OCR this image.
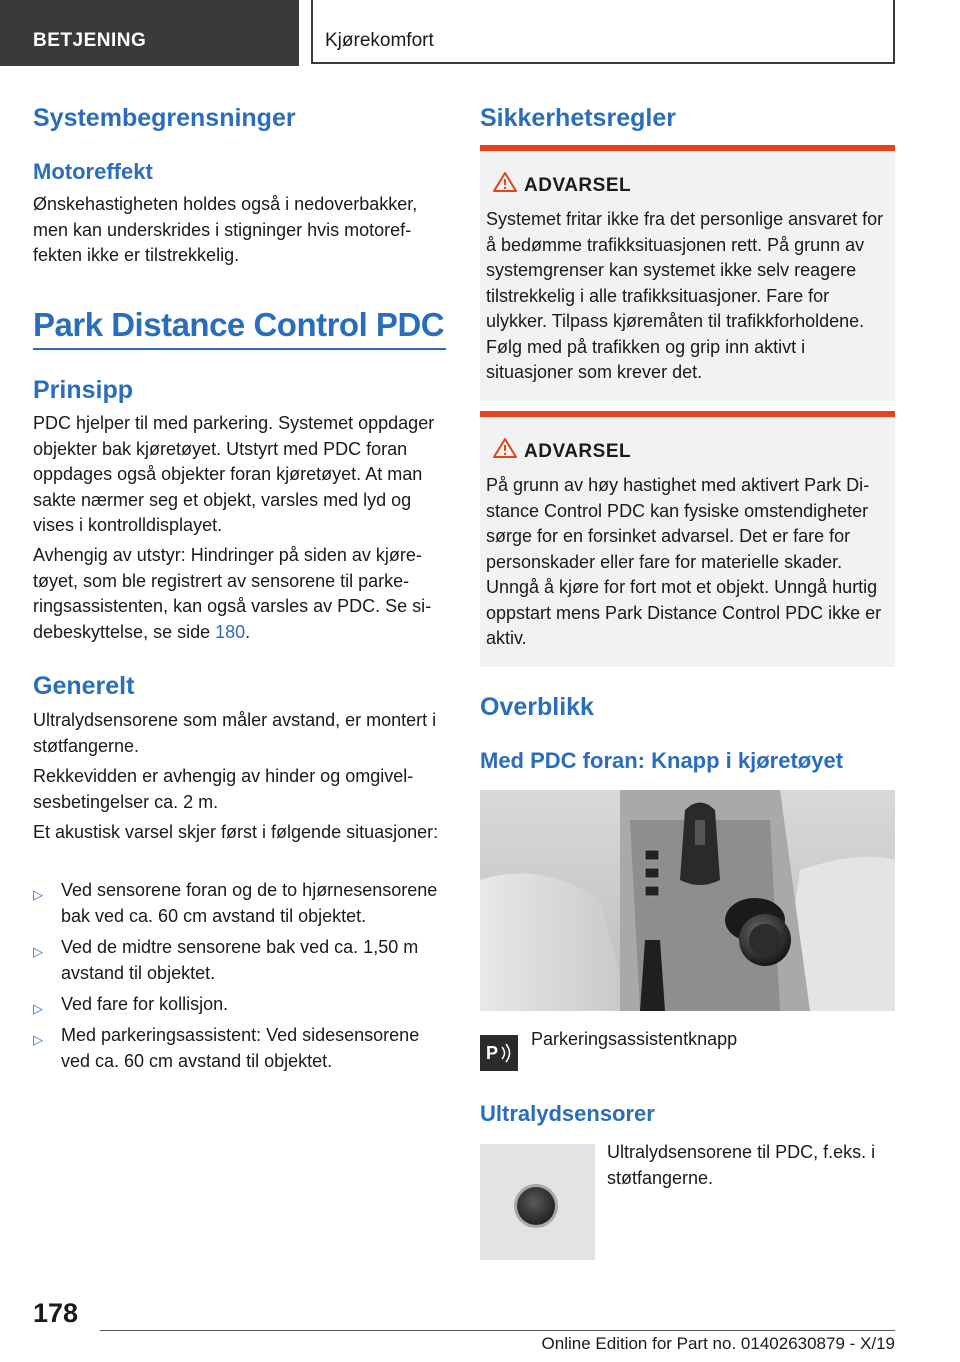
BETJENING	Kjørekomfort
Systembegrensninger
Motoreffekt
Ønskehastigheten holdes også i nedoverbakker, men kan underskrides i stigninger hvis motoreffekten ikke er tilstrekkelig.
Park Distance Control PDC
Prinsipp
PDC hjelper til med parkering. Systemet oppdager objekter bak kjøretøyet. Utstyrt med PDC foran oppdages også objekter foran kjøretøyet. At man sakte nærmer seg et objekt, varsles med lyd og vises i kontrolldisplayet.
Avhengig av utstyr: Hindringer på siden av kjøretøyet, som ble registrert av sensorene til parkeringsassistenten, kan også varsles av PDC. Se sidebeskyttelse, se side 180.
Generelt
Ultralydsensorene som måler avstand, er montert i støtfangerne.
Rekkevidden er avhengig av hinder og omgivelsesbetingelser ca. 2 m.
Et akustisk varsel skjer først i følgende situasjoner:
▷ Ved sensorene foran og de to hjørnesensorene bak ved ca. 60 cm avstand til objektet.
▷ Ved de midtre sensorene bak ved ca. 1,50 m avstand til objektet.
▷ Ved fare for kollisjon.
▷ Med parkeringsassistent: Ved sidesensorene ved ca. 60 cm avstand til objektet.
Sikkerhetsregler
ADVARSEL
Systemet fritar ikke fra det personlige ansvaret for å bedømme trafikksituasjonen rett. På grunn av systemgrenser kan systemet ikke selv reagere tilstrekkelig i alle trafikksituasjoner. Fare for ulykker. Tilpass kjøremåten til trafikkforholdene. Følg med på trafikken og grip inn aktivt i situasjoner som krever det.
ADVARSEL
På grunn av høy hastighet med aktivert Park Distance Control PDC kan fysiske omstendigheter sørge for en forsinket advarsel. Det er fare for personskader eller fare for materielle skader. Unngå å kjøre for fort mot et objekt. Unngå hurtig oppstart mens Park Distance Control PDC ikke er aktiv.
Overblikk
Med PDC foran: Knapp i kjøretøyet
P
Parkeringsassistentknapp
Ultralydsensorer
Ultralydsensorene til PDC, f.eks. i støtfangerne.
178
Online Edition for Part no. 01402630879 - X/19
